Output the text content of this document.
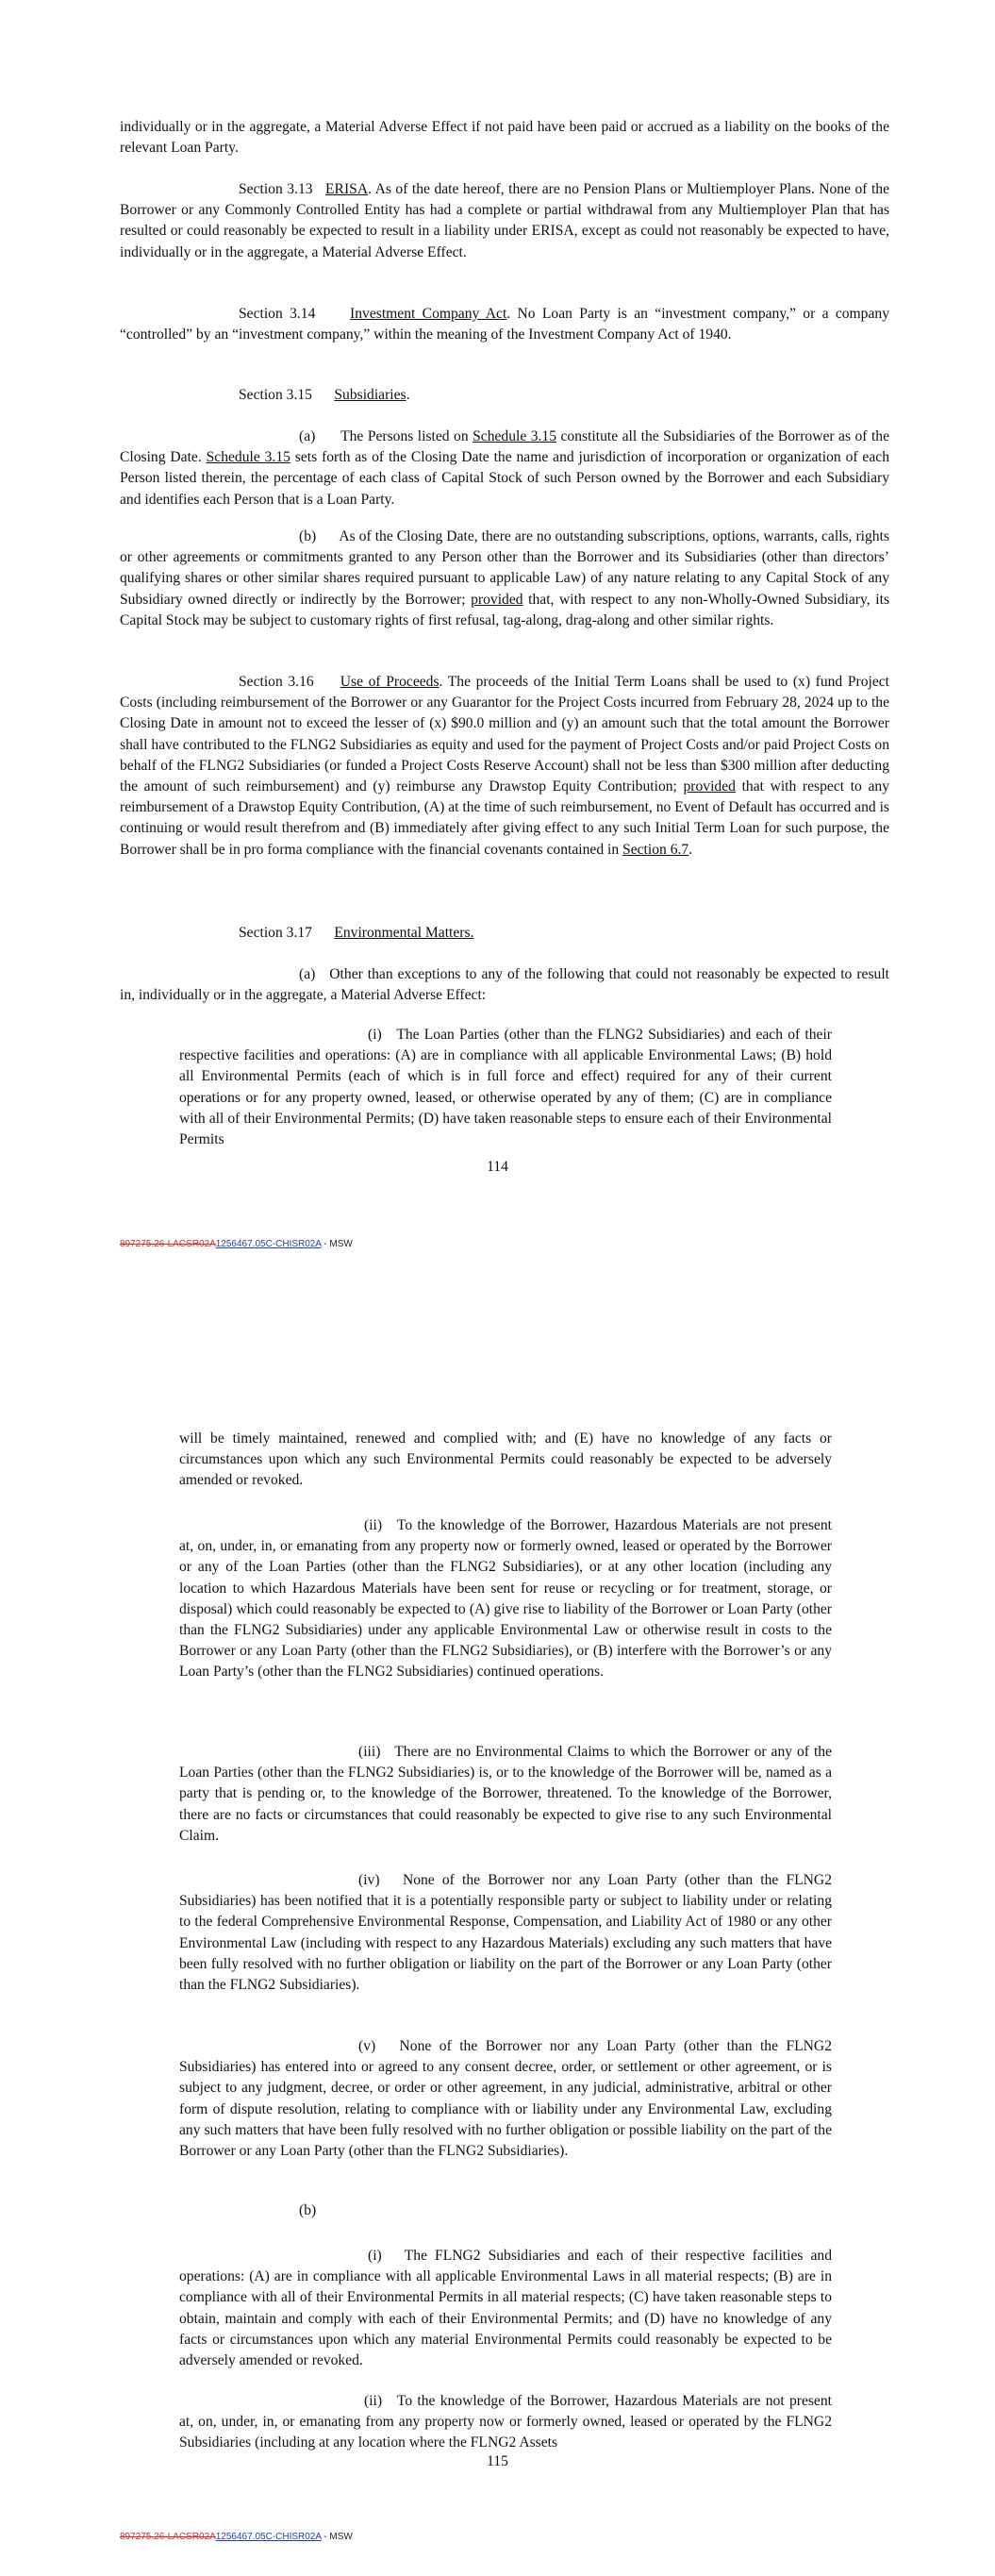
individually or in the aggregate, a Material Adverse Effect if not paid have been paid or accrued as a liability on the books of the relevant Loan Party.

Section 3.13 ERISA. As of the date hereof, there are no Pension Plans or Multiemployer Plans. None of the Borrower or any Commonly Controlled Entity has had a complete or partial withdrawal from any Multiemployer Plan that has resulted or could reasonably be expected to result in a liability under ERISA, except as could not reasonably be expected to have, individually or in the aggregate, a Material Adverse Effect.

Section 3.14 Investment Company Act. No Loan Party is an “investment company,” or a company “controlled” by an “investment company,” within the meaning of the Investment Company Act of 1940.

Section 3.15 Subsidiaries.

(a) The Persons listed on Schedule 3.15 constitute all the Subsidiaries of the Borrower as of the Closing Date. Schedule 3.15 sets forth as of the Closing Date the name and jurisdiction of incorporation or organization of each Person listed therein, the percentage of each class of Capital Stock of such Person owned by the Borrower and each Subsidiary and identifies each Person that is a Loan Party.

(b) As of the Closing Date, there are no outstanding subscriptions, options, warrants, calls, rights or other agreements or commitments granted to any Person other than the Borrower and its Subsidiaries (other than directors’ qualifying shares or other similar shares required pursuant to applicable Law) of any nature relating to any Capital Stock of any Subsidiary owned directly or indirectly by the Borrower; provided that, with respect to any non-Wholly-Owned Subsidiary, its Capital Stock may be subject to customary rights of first refusal, tag-along, drag-along and other similar rights.

Section 3.16 Use of Proceeds. The proceeds of the Initial Term Loans shall be used to (x) fund Project Costs (including reimbursement of the Borrower or any Guarantor for the Project Costs incurred from February 28, 2024 up to the Closing Date in amount not to exceed the lesser of (x) $90.0 million and (y) an amount such that the total amount the Borrower shall have contributed to the FLNG2 Subsidiaries as equity and used for the payment of Project Costs and/or paid Project Costs on behalf of the FLNG2 Subsidiaries (or funded a Project Costs Reserve Account) shall not be less than $300 million after deducting the amount of such reimbursement) and (y) reimburse any Drawstop Equity Contribution; provided that with respect to any reimbursement of a Drawstop Equity Contribution, (A) at the time of such reimbursement, no Event of Default has occurred and is continuing or would result therefrom and (B) immediately after giving effect to any such Initial Term Loan for such purpose, the Borrower shall be in pro forma compliance with the financial covenants contained in Section 6.7.

Section 3.17 Environmental Matters.

(a) Other than exceptions to any of the following that could not reasonably be expected to result in, individually or in the aggregate, a Material Adverse Effect:

(i) The Loan Parties (other than the FLNG2 Subsidiaries) and each of their respective facilities and operations: (A) are in compliance with all applicable Environmental Laws; (B) hold all Environmental Permits (each of which is in full force and effect) required for any of their current operations or for any property owned, leased, or otherwise operated by any of them; (C) are in compliance with all of their Environmental Permits; (D) have taken reasonable steps to ensure each of their Environmental Permits

114
897275.26-LACSR02A1256467.05C-CHISR02A - MSW

will be timely maintained, renewed and complied with; and (E) have no knowledge of any facts or circumstances upon which any such Environmental Permits could reasonably be expected to be adversely amended or revoked.

(ii) To the knowledge of the Borrower, Hazardous Materials are not present at, on, under, in, or emanating from any property now or formerly owned, leased or operated by the Borrower or any of the Loan Parties (other than the FLNG2 Subsidiaries), or at any other location (including any location to which Hazardous Materials have been sent for reuse or recycling or for treatment, storage, or disposal) which could reasonably be expected to (A) give rise to liability of the Borrower or Loan Party (other than the FLNG2 Subsidiaries) under any applicable Environmental Law or otherwise result in costs to the Borrower or any Loan Party (other than the FLNG2 Subsidiaries), or (B) interfere with the Borrower’s or any Loan Party’s (other than the FLNG2 Subsidiaries) continued operations.

(iii) There are no Environmental Claims to which the Borrower or any of the Loan Parties (other than the FLNG2 Subsidiaries) is, or to the knowledge of the Borrower will be, named as a party that is pending or, to the knowledge of the Borrower, threatened. To the knowledge of the Borrower, there are no facts or circumstances that could reasonably be expected to give rise to any such Environmental Claim.

(iv) None of the Borrower nor any Loan Party (other than the FLNG2 Subsidiaries) has been notified that it is a potentially responsible party or subject to liability under or relating to the federal Comprehensive Environmental Response, Compensation, and Liability Act of 1980 or any other Environmental Law (including with respect to any Hazardous Materials) excluding any such matters that have been fully resolved with no further obligation or liability on the part of the Borrower or any Loan Party (other than the FLNG2 Subsidiaries).

(v) None of the Borrower nor any Loan Party (other than the FLNG2 Subsidiaries) has entered into or agreed to any consent decree, order, or settlement or other agreement, or is subject to any judgment, decree, or order or other agreement, in any judicial, administrative, arbitral or other form of dispute resolution, relating to compliance with or liability under any Environmental Law, excluding any such matters that have been fully resolved with no further obligation or possible liability on the part of the Borrower or any Loan Party (other than the FLNG2 Subsidiaries).

(b)

(i) The FLNG2 Subsidiaries and each of their respective facilities and operations: (A) are in compliance with all applicable Environmental Laws in all material respects; (B) are in compliance with all of their Environmental Permits in all material respects; (C) have taken reasonable steps to obtain, maintain and comply with each of their Environmental Permits; and (D) have no knowledge of any facts or circumstances upon which any material Environmental Permits could reasonably be expected to be adversely amended or revoked.

(ii) To the knowledge of the Borrower, Hazardous Materials are not present at, on, under, in, or emanating from any property now or formerly owned, leased or operated by the FLNG2 Subsidiaries (including at any location where the FLNG2 Assets

115
897275.26-LACSR02A1256467.05C-CHISR02A - MSW
